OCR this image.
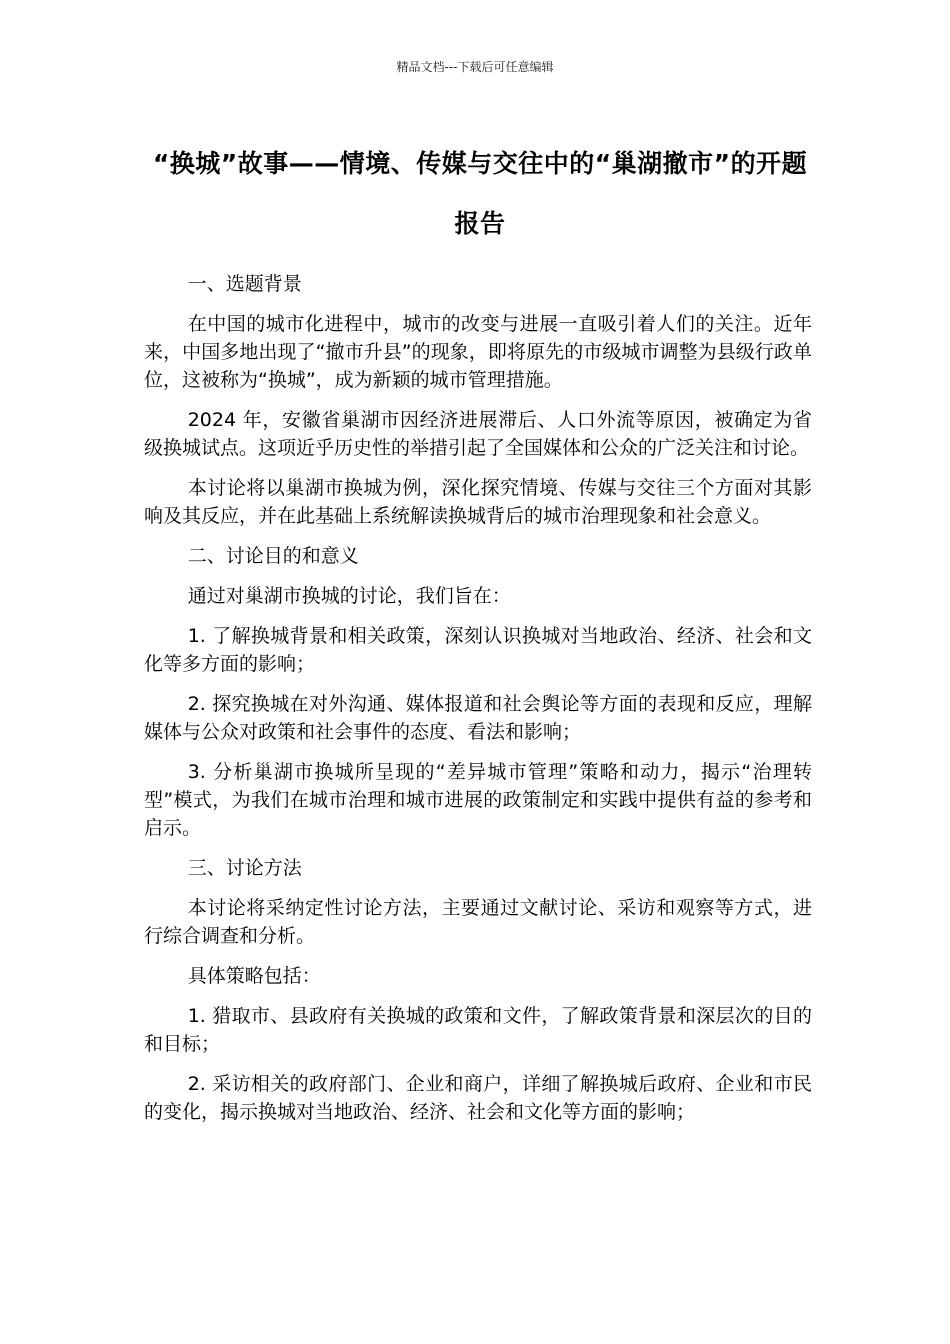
精品文档---下载后可任意编辑
“换城”故事——情境、传媒与交往中的“巢湖撤市”的开题报告
一、选题背景

在中国的城市化进程中，城市的改变与进展一直吸引着人们的关注。近年来，中国多地出现了“撤市升县”的现象，即将原先的市级城市调整为县级行政单位，这被称为“换城”，成为新颖的城市管理措施。

2024 年，安徽省巢湖市因经济进展滞后、人口外流等原因，被确定为省级换城试点。这项近乎历史性的举措引起了全国媒体和公众的广泛关注和讨论。

本讨论将以巢湖市换城为例，深化探究情境、传媒与交往三个方面对其影响及其反应，并在此基础上系统解读换城背后的城市治理现象和社会意义。

二、讨论目的和意义

通过对巢湖市换城的讨论，我们旨在：

1. 了解换城背景和相关政策，深刻认识换城对当地政治、经济、社会和文化等多方面的影响；

2. 探究换城在对外沟通、媒体报道和社会舆论等方面的表现和反应，理解媒体与公众对政策和社会事件的态度、看法和影响；

3. 分析巢湖市换城所呈现的“差异城市管理”策略和动力，揭示“治理转型”模式，为我们在城市治理和城市进展的政策制定和实践中提供有益的参考和启示。

三、讨论方法

本讨论将采纳定性讨论方法，主要通过文献讨论、采访和观察等方式，进行综合调查和分析。

具体策略包括：

1. 猎取市、县政府有关换城的政策和文件，了解政策背景和深层次的目的和目标；

2. 采访相关的政府部门、企业和商户，详细了解换城后政府、企业和市民的变化，揭示换城对当地政治、经济、社会和文化等方面的影响；
